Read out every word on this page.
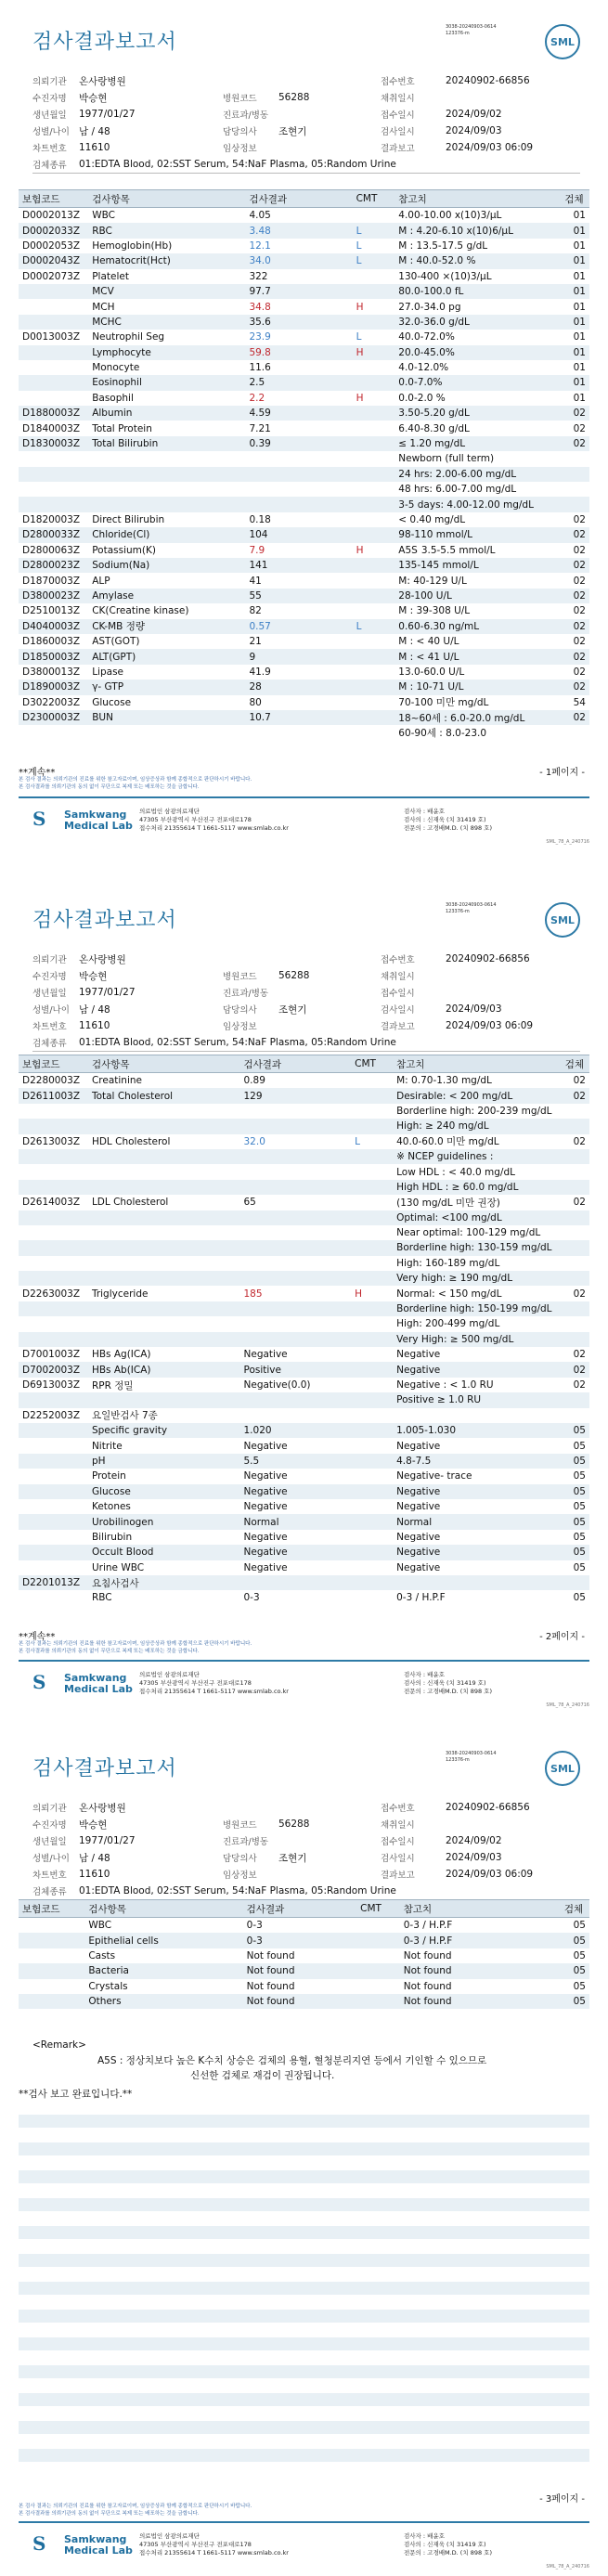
검사결과보고서
3038-20240903-0614 123376-m
SML
의뢰기관	온사랑병원	접수번호	20240902-66856
수진자명	박승현	병원코드	56288	채취일시
생년월일	1977/01/27	진료과/병동	접수일시	2024/09/02
성별/나이 남 / 48	담당의사	조현기	검사일시	2024/09/03
차트번호	11610	임상정보	결과보고	2024/09/03 06:09
검체종류	01:EDTA Blood, 02:SST Serum, 54:NaF Plasma, 05:Random Urine
보험코드	검사항목	검사결과	CMT	참고치	검체
D0002013Z	WBC	4.05		4.00-10.00 x(10)3/μL	01
D0002033Z	RBC	3.48	L	M : 4.20-6.10 x(10)6/μL	01
D0002053Z	Hemoglobin(Hb)	12.1	L	M : 13.5-17.5 g/dL	01
D0002043Z	Hematocrit(Hct)	34.0	L	M : 40.0-52.0 %	01
D0002073Z	Platelet	322		130-400 ×(10)3/μL	01
	MCV	97.7		80.0-100.0 fL	01
	MCH	34.8	H	27.0-34.0 pg	01
	MCHC	35.6		32.0-36.0 g/dL	01
D0013003Z	Neutrophil Seg	23.9	L	40.0-72.0%	01
	Lymphocyte	59.8	H	20.0-45.0%	01
	Monocyte	11.6		4.0-12.0%	01
	Eosinophil	2.5		0.0-7.0%	01
	Basophil	2.2	H	0.0-2.0 %	01
D1880003Z	Albumin	4.59		3.50-5.20 g/dL	02
D1840003Z	Total Protein	7.21		6.40-8.30 g/dL	02
D1830003Z	Total Bilirubin	0.39		≤ 1.20 mg/dL	02
				Newborn (full term)	
				24 hrs: 2.00-6.00 mg/dL	
				48 hrs: 6.00-7.00 mg/dL	
				3-5 days: 4.00-12.00 mg/dL	
D1820003Z	Direct Bilirubin	0.18		< 0.40 mg/dL	02
D2800033Z	Chloride(Cl)	104		98-110 mmol/L	02
D2800063Z	Potassium(K)	7.9	H	A5S 3.5-5.5 mmol/L	02
D2800023Z	Sodium(Na)	141		135-145 mmol/L	02
D1870003Z	ALP	41		M: 40-129 U/L	02
D3800023Z	Amylase	55		28-100 U/L	02
D2510013Z	CK(Creatine kinase)	82		M : 39-308 U/L	02
D4040003Z	CK-MB 정량	0.57	L	0.60-6.30 ng/mL	02
D1860003Z	AST(GOT)	21		M : < 40 U/L	02
D1850003Z	ALT(GPT)	9		M : < 41 U/L	02
D3800013Z	Lipase	41.9		13.0-60.0 U/L	02
D1890003Z	γ- GTP	28		M : 10-71 U/L	02
D3022003Z	Glucose	80		70-100 미만 mg/dL	54
D2300003Z	BUN	10.7		18~60세 : 6.0-20.0 mg/dL	02
				60-90세 : 8.0-23.0	
**계속**	- 1페이지 -
본 검사 결과는 의뢰기관의 진료를 위한 참고자료이며, 임상증상과 함께 종합적으로 판단하시기 바랍니다.
본 검사결과를 의뢰기관의 동의 없이 무단으로 복제 또는 배포하는 것을 금합니다.
S	Samkwang
Medical Lab
의료법인 삼광의료재단
47305 부산광역시 부산진구 전포대로178
접수처리 21355614 T 1661-5117 www.smlab.co.kr
검사자 : 배윤호
검사의 : 신재욱 (치 31419 호)
전문의 : 고경배M.D. (치 898 호)
SML_78_A_240716
검사결과보고서
3038-20240903-0614 123376-m
SML
의뢰기관	온사랑병원	접수번호	20240902-66856
수진자명	박승현	병원코드	56288	채취일시
생년월일	1977/01/27	진료과/병동	접수일시
성별/나이 남 / 48	담당의사	조현기	검사일시	2024/09/03
차트번호	11610	임상정보	결과보고	2024/09/03 06:09
검체종류	01:EDTA Blood, 02:SST Serum, 54:NaF Plasma, 05:Random Urine
보험코드	검사항목	검사결과	CMT	참고치	검체
D2280003Z	Creatinine	0.89		M: 0.70-1.30 mg/dL	02
D2611003Z	Total Cholesterol	129		Desirable: < 200 mg/dL	02
				Borderline high: 200-239 mg/dL	
				High: ≥ 240 mg/dL	
D2613003Z	HDL Cholesterol	32.0	L	40.0-60.0 미만 mg/dL	02
				※ NCEP guidelines :	
				Low HDL : < 40.0 mg/dL	
				High HDL : ≥ 60.0 mg/dL	
D2614003Z	LDL Cholesterol	65		(130 mg/dL 미만 권장)	02
				Optimal: <100 mg/dL	
				Near optimal: 100-129 mg/dL	
				Borderline high: 130-159 mg/dL	
				High: 160-189 mg/dL	
				Very high: ≥ 190 mg/dL	
D2263003Z	Triglyceride	185	H	Normal: < 150 mg/dL	02
				Borderline high: 150-199 mg/dL	
				High: 200-499 mg/dL	
				Very High: ≥ 500 mg/dL	
D7001003Z	HBs Ag(ICA)	Negative		Negative	02
D7002003Z	HBs Ab(ICA)	Positive		Negative	02
D6913003Z	RPR 정밀	Negative(0.0)		Negative : < 1.0 RU	02
				Positive ≥ 1.0 RU	
D2252003Z	요일반검사 7종				
	Specific gravity	1.020		1.005-1.030	05
	Nitrite	Negative		Negative	05
	pH	5.5		4.8-7.5	05
	Protein	Negative		Negative- trace	05
	Glucose	Negative		Negative	05
	Ketones	Negative		Negative	05
	Urobilinogen	Normal		Normal	05
	Bilirubin	Negative		Negative	05
	Occult Blood	Negative		Negative	05
	Urine WBC	Negative		Negative	05
D2201013Z	요침사검사				
	RBC	0-3		0-3 / H.P.F	05
**계속**	- 2페이지 -
본 검사 결과는 의뢰기관의 진료를 위한 참고자료이며, 임상증상과 함께 종합적으로 판단하시기 바랍니다.
본 검사결과를 의뢰기관의 동의 없이 무단으로 복제 또는 배포하는 것을 금합니다.
S	Samkwang
Medical Lab
의료법인 삼광의료재단
47305 부산광역시 부산진구 전포대로178
접수처리 21355614 T 1661-5117 www.smlab.co.kr
검사자 : 배윤호
검사의 : 신재욱 (치 31419 호)
전문의 : 고경배M.D. (치 898 호)
SML_78_A_240716
검사결과보고서
3038-20240903-0614 123376-m
SML
의뢰기관	온사랑병원	접수번호	20240902-66856
수진자명	박승현	병원코드	56288	채취일시
생년월일	1977/01/27	진료과/병동	접수일시	2024/09/02
성별/나이 남 / 48	담당의사	조현기	검사일시	2024/09/03
차트번호	11610	임상정보	결과보고	2024/09/03 06:09
검체종류	01:EDTA Blood, 02:SST Serum, 54:NaF Plasma, 05:Random Urine
보험코드	검사항목	검사결과	CMT	참고치	검체
	WBC	0-3		0-3 / H.P.F	05
	Epithelial cells	0-3		0-3 / H.P.F	05
	Casts	Not found		Not found	05
	Bacteria	Not found		Not found	05
	Crystals	Not found		Not found	05
	Others	Not found		Not found	05
<Remark>
A5S : 정상치보다 높은 K수치 상승은 검체의 용혈, 혈청분리지연 등에서 기인할 수 있으므로
신선한 검체로 재검이 권장됩니다.
**검사 보고 완료입니다.**
- 3페이지 -
본 검사 결과는 의뢰기관의 진료를 위한 참고자료이며, 임상증상과 함께 종합적으로 판단하시기 바랍니다.
본 검사결과를 의뢰기관의 동의 없이 무단으로 복제 또는 배포하는 것을 금합니다.
S	Samkwang
Medical Lab
의료법인 삼광의료재단
47305 부산광역시 부산진구 전포대로178
접수처리 21355614 T 1661-5117 www.smlab.co.kr
검사자 : 배윤호
검사의 : 신재욱 (치 31419 호)
전문의 : 고경배M.D. (치 898 호)
SML_78_A_240716
